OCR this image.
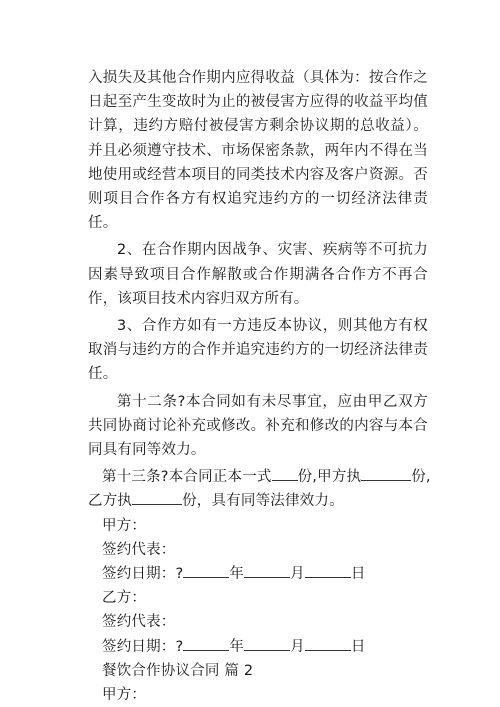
入损失及其他合作期内应得收益（具体为：按合作之日起至产生变故时为止的被侵害方应得的收益平均值计算，违约方赔付被侵害方剩余协议期的总收益）。并且必须遵守技术、市场保密条款，两年内不得在当地使用或经营本项目的同类技术内容及客户资源。否则项目合作各方有权追究违约方的一切经济法律责任。

2、在合作期内因战争、灾害、疾病等不可抗力因素导致项目合作解散或合作期满各合作方不再合作，该项目技术内容归双方所有。

3、合作方如有一方违反本协议，则其他方有权取消与违约方的合作并追究违约方的一切经济法律责任。

第十二条?本合同如有未尽事宜，应由甲乙双方共同协商讨论补充或修改。补充和修改的内容与本合同具有同等效力。

第十三条?本合同正本一式 份,甲方执	份,
乙方执	份，具有同等法律效力。
甲方：
签约代表：
签约日期：?	年	月	日
乙方：
签约代表：
签约日期：?	年	月	日
餐饮合作协议合同 篇 2
甲方：
